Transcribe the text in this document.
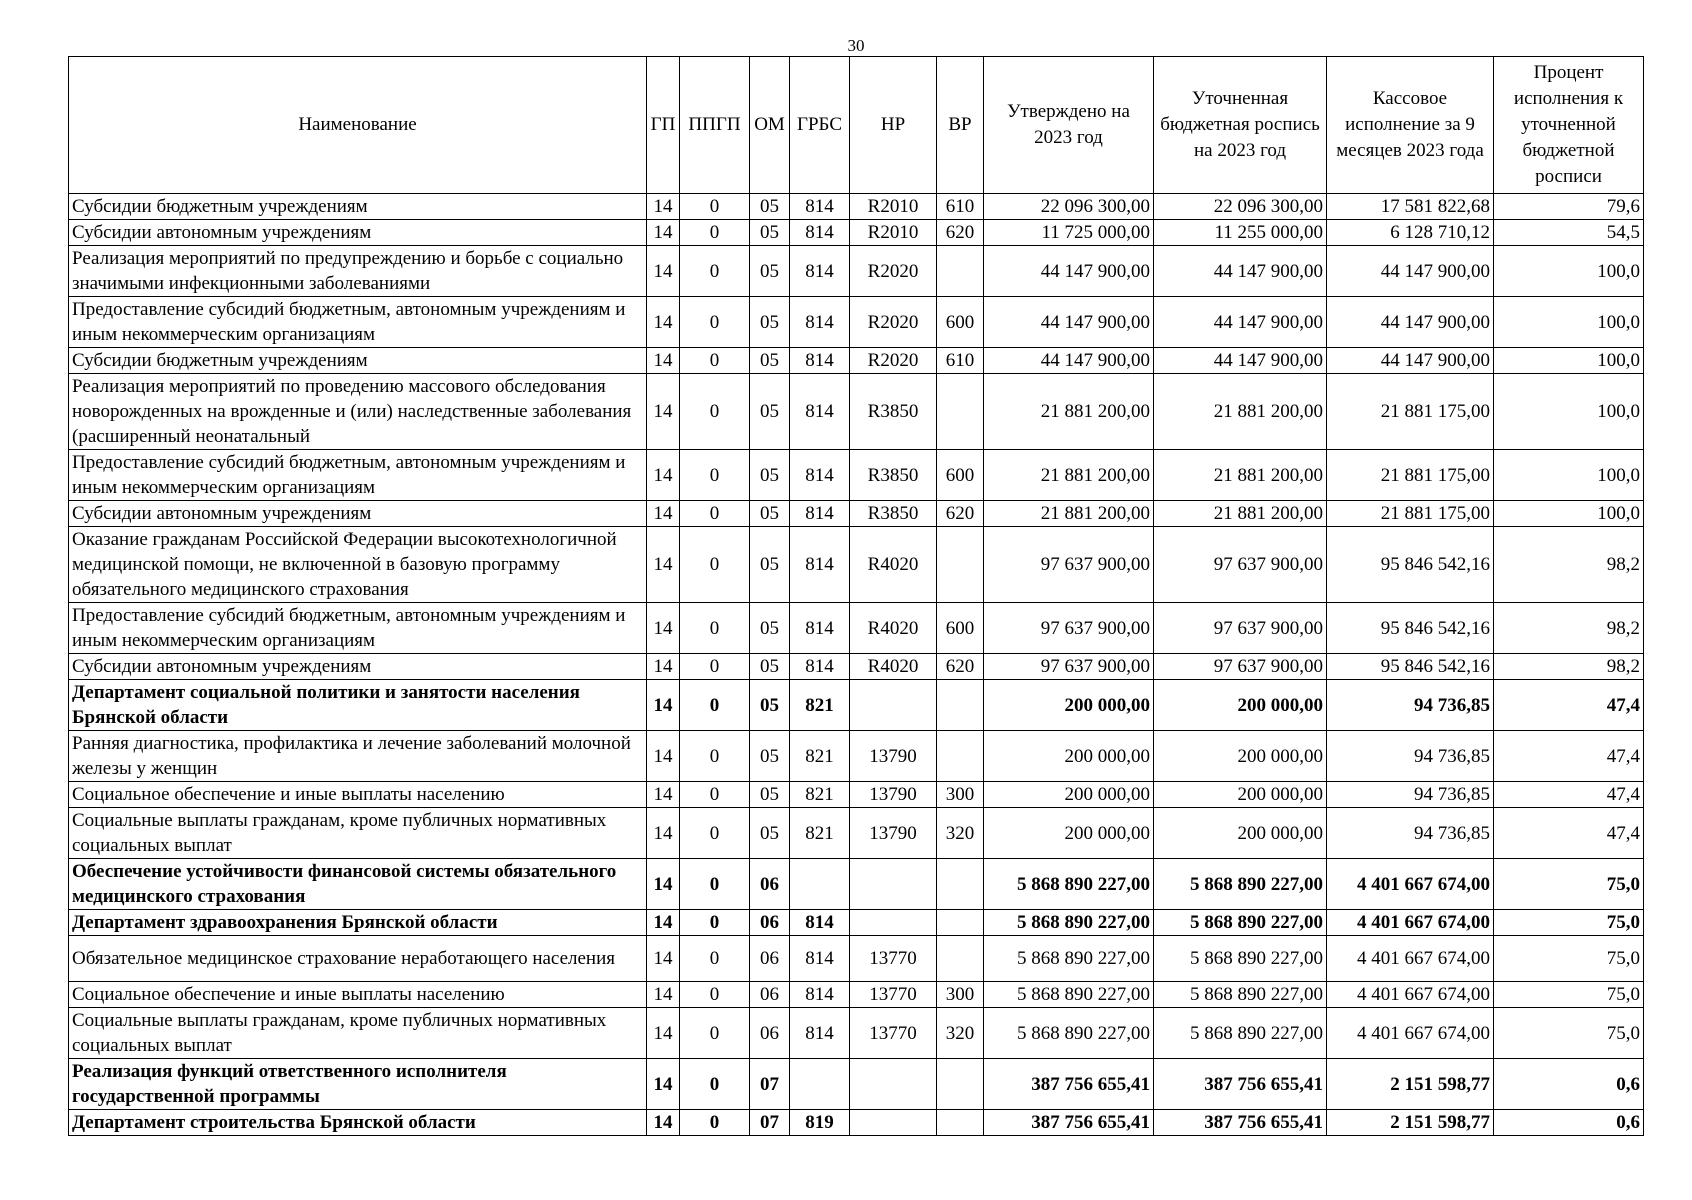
30
Наименование	ГП	ППГП	ОМ	ГРБС	НР	ВР	Утверждено на 2023 год	Уточненная бюджетная роспись на 2023 год	Кассовое исполнение за 9 месяцев 2023 года	Процент исполнения к уточненной бюджетной росписи
Субсидии бюджетным учреждениям	14	0	05	814	R2010	610	22 096 300,00	22 096 300,00	17 581 822,68	79,6
Субсидии автономным учреждениям	14	0	05	814	R2010	620	11 725 000,00	11 255 000,00	6 128 710,12	54,5
Реализация мероприятий по предупреждению и борьбе с социально значимыми инфекционными заболеваниями	14	0	05	814	R2020		44 147 900,00	44 147 900,00	44 147 900,00	100,0
Предоставление субсидий бюджетным, автономным учреждениям и иным некоммерческим организациям	14	0	05	814	R2020	600	44 147 900,00	44 147 900,00	44 147 900,00	100,0
Субсидии бюджетным учреждениям	14	0	05	814	R2020	610	44 147 900,00	44 147 900,00	44 147 900,00	100,0
Реализация мероприятий по проведению массового обследования новорожденных на врожденные и (или) наследственные заболевания (расширенный неонатальный	14	0	05	814	R3850		21 881 200,00	21 881 200,00	21 881 175,00	100,0
Предоставление субсидий бюджетным, автономным учреждениям и иным некоммерческим организациям	14	0	05	814	R3850	600	21 881 200,00	21 881 200,00	21 881 175,00	100,0
Субсидии автономным учреждениям	14	0	05	814	R3850	620	21 881 200,00	21 881 200,00	21 881 175,00	100,0
Оказание гражданам Российской Федерации высокотехнологичной медицинской помощи, не включенной в базовую программу обязательного медицинского страхования	14	0	05	814	R4020		97 637 900,00	97 637 900,00	95 846 542,16	98,2
Предоставление субсидий бюджетным, автономным учреждениям и иным некоммерческим организациям	14	0	05	814	R4020	600	97 637 900,00	97 637 900,00	95 846 542,16	98,2
Субсидии автономным учреждениям	14	0	05	814	R4020	620	97 637 900,00	97 637 900,00	95 846 542,16	98,2
Департамент социальной политики и занятости населения Брянской области	14	0	05	821			200 000,00	200 000,00	94 736,85	47,4
Ранняя диагностика, профилактика и лечение заболеваний молочной железы у женщин	14	0	05	821	13790		200 000,00	200 000,00	94 736,85	47,4
Социальное обеспечение и иные выплаты населению	14	0	05	821	13790	300	200 000,00	200 000,00	94 736,85	47,4
Социальные выплаты гражданам, кроме публичных нормативных социальных выплат	14	0	05	821	13790	320	200 000,00	200 000,00	94 736,85	47,4
Обеспечение устойчивости финансовой системы обязательного медицинского страхования	14	0	06				5 868 890 227,00	5 868 890 227,00	4 401 667 674,00	75,0
Департамент здравоохранения Брянской области	14	0	06	814			5 868 890 227,00	5 868 890 227,00	4 401 667 674,00	75,0
Обязательное медицинское страхование неработающего населения	14	0	06	814	13770		5 868 890 227,00	5 868 890 227,00	4 401 667 674,00	75,0
Социальное обеспечение и иные выплаты населению	14	0	06	814	13770	300	5 868 890 227,00	5 868 890 227,00	4 401 667 674,00	75,0
Социальные выплаты гражданам, кроме публичных нормативных социальных выплат	14	0	06	814	13770	320	5 868 890 227,00	5 868 890 227,00	4 401 667 674,00	75,0
Реализация функций ответственного исполнителя государственной программы	14	0	07				387 756 655,41	387 756 655,41	2 151 598,77	0,6
Департамент строительства Брянской области	14	0	07	819			387 756 655,41	387 756 655,41	2 151 598,77	0,6
